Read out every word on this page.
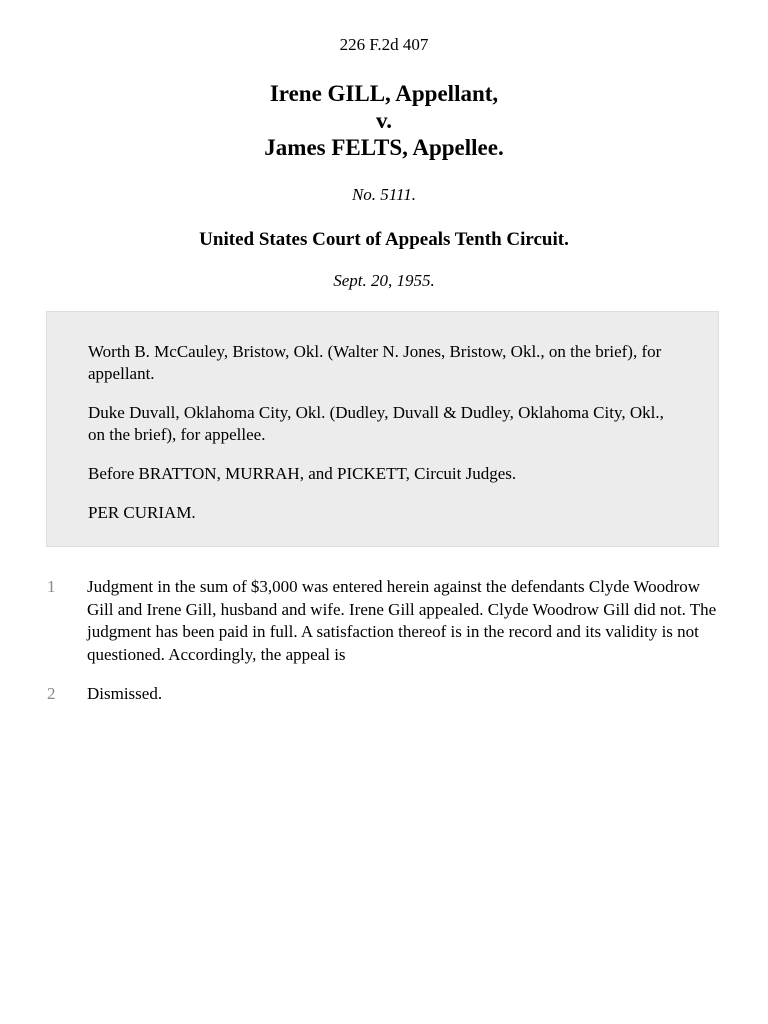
226 F.2d 407
Irene GILL, Appellant,
v.
James FELTS, Appellee.
No. 5111.
United States Court of Appeals Tenth Circuit.
Sept. 20, 1955.

Worth B. McCauley, Bristow, Okl. (Walter N. Jones, Bristow, Okl., on the brief), for appellant.

Duke Duvall, Oklahoma City, Okl. (Dudley, Duvall & Dudley, Oklahoma City, Okl., on the brief), for appellee.

Before BRATTON, MURRAH, and PICKETT, Circuit Judges.

PER CURIAM.

1 Judgment in the sum of $3,000 was entered herein against the defendants Clyde Woodrow Gill and Irene Gill, husband and wife. Irene Gill appealed. Clyde Woodrow Gill did not. The judgment has been paid in full. A satisfaction thereof is in the record and its validity is not questioned. Accordingly, the appeal is
2 Dismissed.
